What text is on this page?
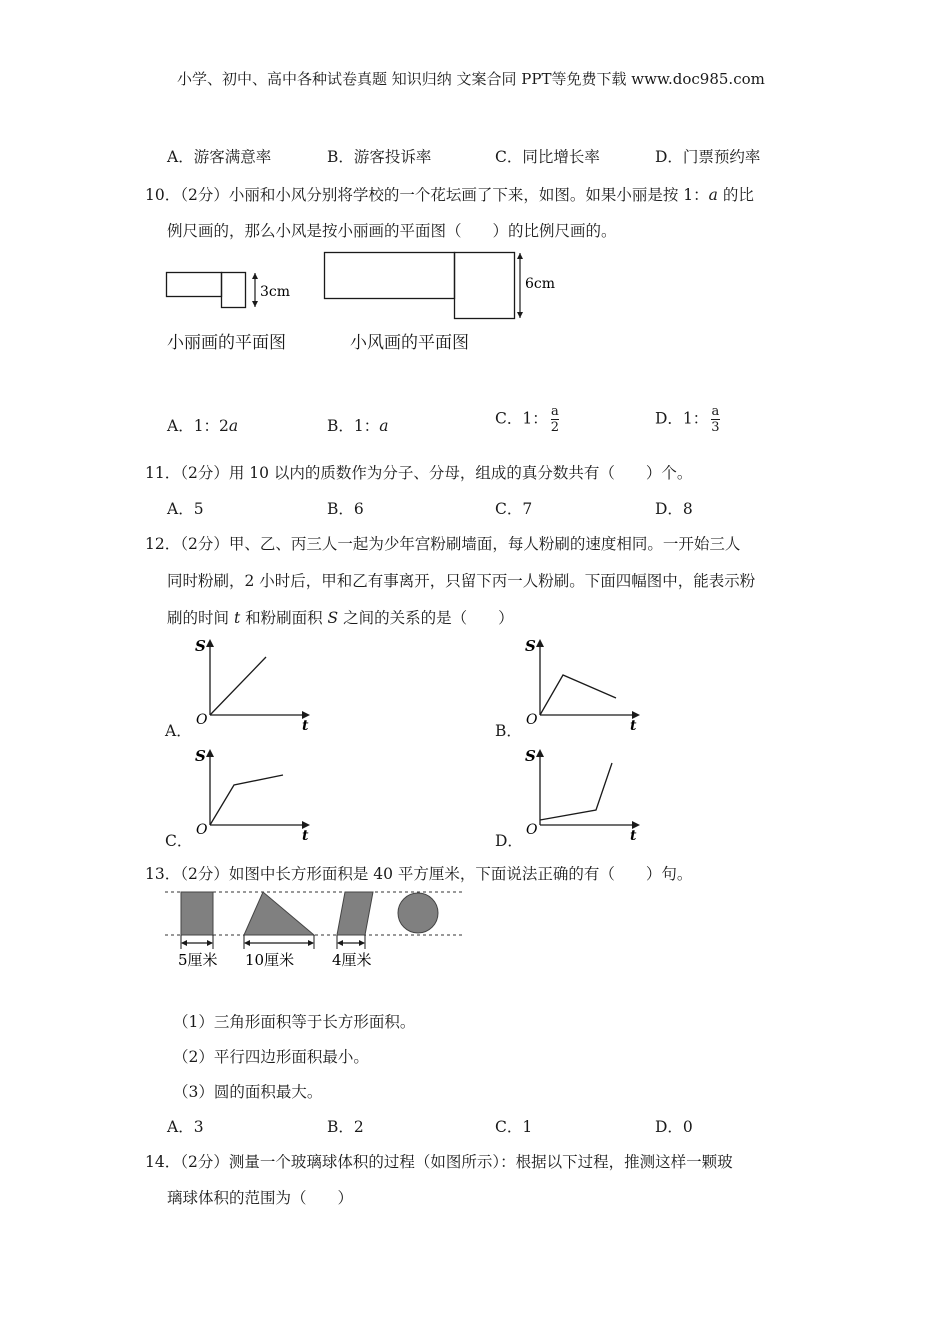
小学、初中、高中各种试卷真题 知识归纳 文案合同 PPT等免费下载 www.doc985.com
A．游客满意率	B．游客投诉率	C．同比增长率	D．门票预约率
10．（2分）小丽和小风分别将学校的一个花坛画了下来，如图。如果小丽是按 1：a 的比
例尺画的，那么小风是按小丽画的平面图（　　）的比例尺画的。
3cm	6cm
小丽画的平面图	小风画的平面图
A．1：2a	B．1：a	C．1： $\frac{a}{2}$	D．1： $\frac{a}{3}$
11．（2分）用 10 以内的质数作为分子、分母，组成的真分数共有（　　）个。
A．5	B．6	C．7	D．8
12．（2分）甲、乙、丙三人一起为少年宫粉刷墙面，每人粉刷的速度相同。一开始三人
同时粉刷，2 小时后，甲和乙有事离开，只留下丙一人粉刷。下面四幅图中，能表示粉
刷的时间 t 和粉刷面积 S 之间的关系的是（　　）
A．
S
O	t	B．
S
O	t
C．
S
O	t	D．
S
O	t
13．（2分）如图中长方形面积是 40 平方厘米，下面说法正确的有（　　）句。
5厘米 10厘米	4厘米
（1）三角形面积等于长方形面积。
（2）平行四边形面积最小。
（3）圆的面积最大。
A．3	B．2	C．1	D．0
14．（2分）测量一个玻璃球体积的过程（如图所示）：根据以下过程，推测这样一颗玻
璃球体积的范围为（　　）
